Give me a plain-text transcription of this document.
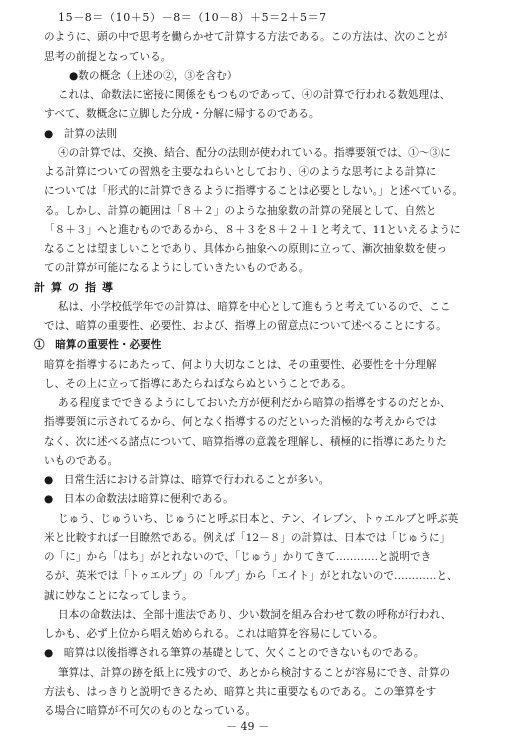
15－8＝（10＋5）－8＝（10－8）＋5＝2＋5＝7
のように、頭の中で思考を働らかせて計算する方法である。この方法は、次のことが
思考の前提となっている。
●数の概念（上述の②，③を含む）
これは、命数法に密接に関係をもつものであって、④の計算で行われる数処理は、
すべて、数概念に立脚した分成・分解に帰するのである。
●　計算の法則
④の計算では、交換、結合、配分の法則が使われている。指導要領では、①～③に
よる計算についての習熟を主要なねらいとしており、④のような思考による計算に
については「形式的に計算できるように指導することは必要としない。」と述べている。
る。しかし、計算の範囲は「８＋２」のような抽象数の計算の発展として、自然と
「８＋３」へと進むものであるから、８＋３を８＋２＋１と考えて、11といえるように
なることは望ましいことであり、具体から抽象への原則に立って、漸次抽象数を使っ
ての計算が可能になるようにしていきたいものである。
計算の指導
私は、小学校低学年での計算は、暗算を中心として進もうと考えているので、ここ
では、暗算の重要性、必要性、および、指導上の留意点について述べることにする。
①　暗算の重要性・必要性
暗算を指導するにあたって、何より大切なことは、その重要性、必要性を十分理解
し、その上に立って指導にあたらねばならぬということである。
ある程度までできるようにしておいた方が便利だから暗算の指導をするのだとか、
指導要領に示されてるから、何となく指導するのだといった消極的な考えからでは
なく、次に述べる諸点について、暗算指導の意義を理解し、積極的に指導にあたりた
いものである。
●　日常生活における計算は、暗算で行われることが多い。
●　日本の命数法は暗算に便利である。
じゅう、じゅういち、じゅうにと呼ぶ日本と、テン、イレブン、トゥエルブと呼ぶ英
米と比較すれば一目瞭然である。例えば「12－８」の計算は、日本では「じゅうに」
の「に」から「はち」がとれないので、「じゅう」かりてきて…………と説明でき
るが、英米では「トゥエルブ」の「ルブ」から「エイト」がとれないので…………と、
誠に妙なことになってしまう。
日本の命数法は、全部十進法であり、少い数詞を組み合わせて数の呼称が行われ、
しかも、必ず上位から唱え始められる。これは暗算を容易にしている。
●　暗算は以後指導される筆算の基礎として、欠くことのできないものである。
筆算は、計算の跡を紙上に残すので、あとから検討することが容易にでき、計算の
方法も、はっきりと説明できるため、暗算と共に重要なものである。この筆算をす
る場合に暗算が不可欠のものとなっている。
－ 49 －
